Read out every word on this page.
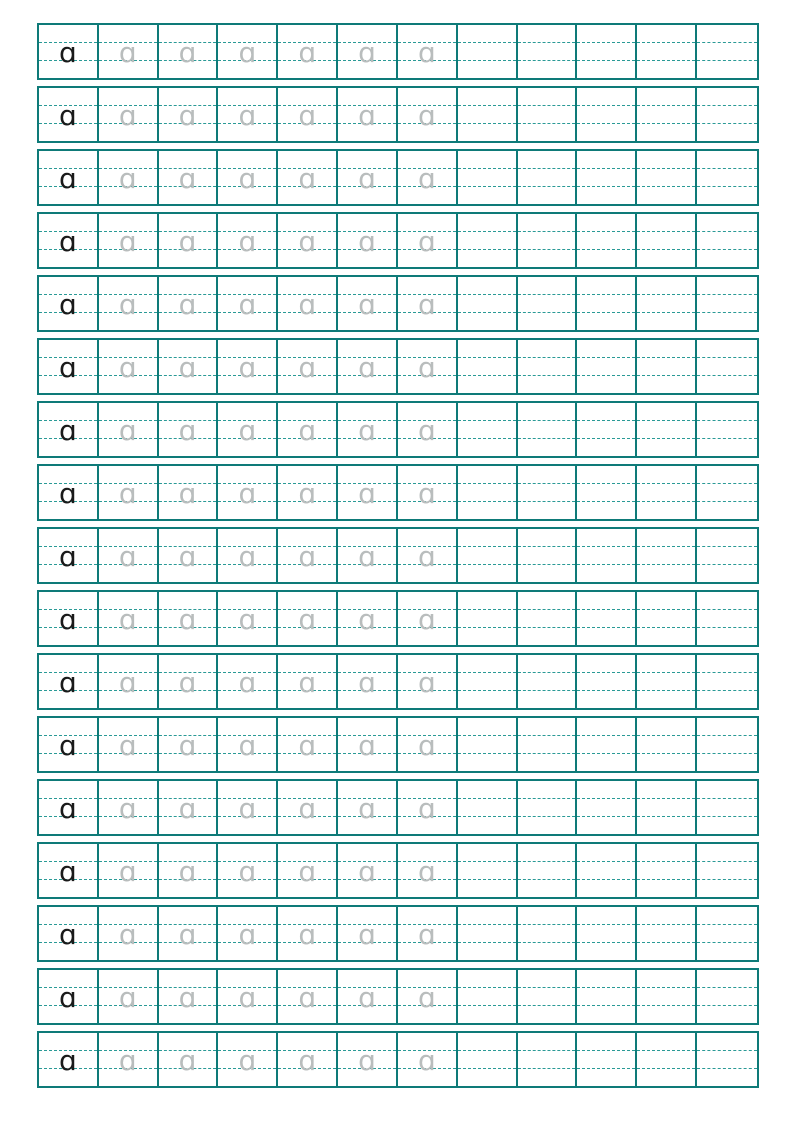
ɑ ɑ ɑ ɑ ɑ ɑ ɑ
ɑ ɑ ɑ ɑ ɑ ɑ ɑ
ɑ ɑ ɑ ɑ ɑ ɑ ɑ
ɑ ɑ ɑ ɑ ɑ ɑ ɑ
ɑ ɑ ɑ ɑ ɑ ɑ ɑ
ɑ ɑ ɑ ɑ ɑ ɑ ɑ
ɑ ɑ ɑ ɑ ɑ ɑ ɑ
ɑ ɑ ɑ ɑ ɑ ɑ ɑ
ɑ ɑ ɑ ɑ ɑ ɑ ɑ
ɑ ɑ ɑ ɑ ɑ ɑ ɑ
ɑ ɑ ɑ ɑ ɑ ɑ ɑ
ɑ ɑ ɑ ɑ ɑ ɑ ɑ
ɑ ɑ ɑ ɑ ɑ ɑ ɑ
ɑ ɑ ɑ ɑ ɑ ɑ ɑ
ɑ ɑ ɑ ɑ ɑ ɑ ɑ
ɑ ɑ ɑ ɑ ɑ ɑ ɑ
ɑ ɑ ɑ ɑ ɑ ɑ ɑ
